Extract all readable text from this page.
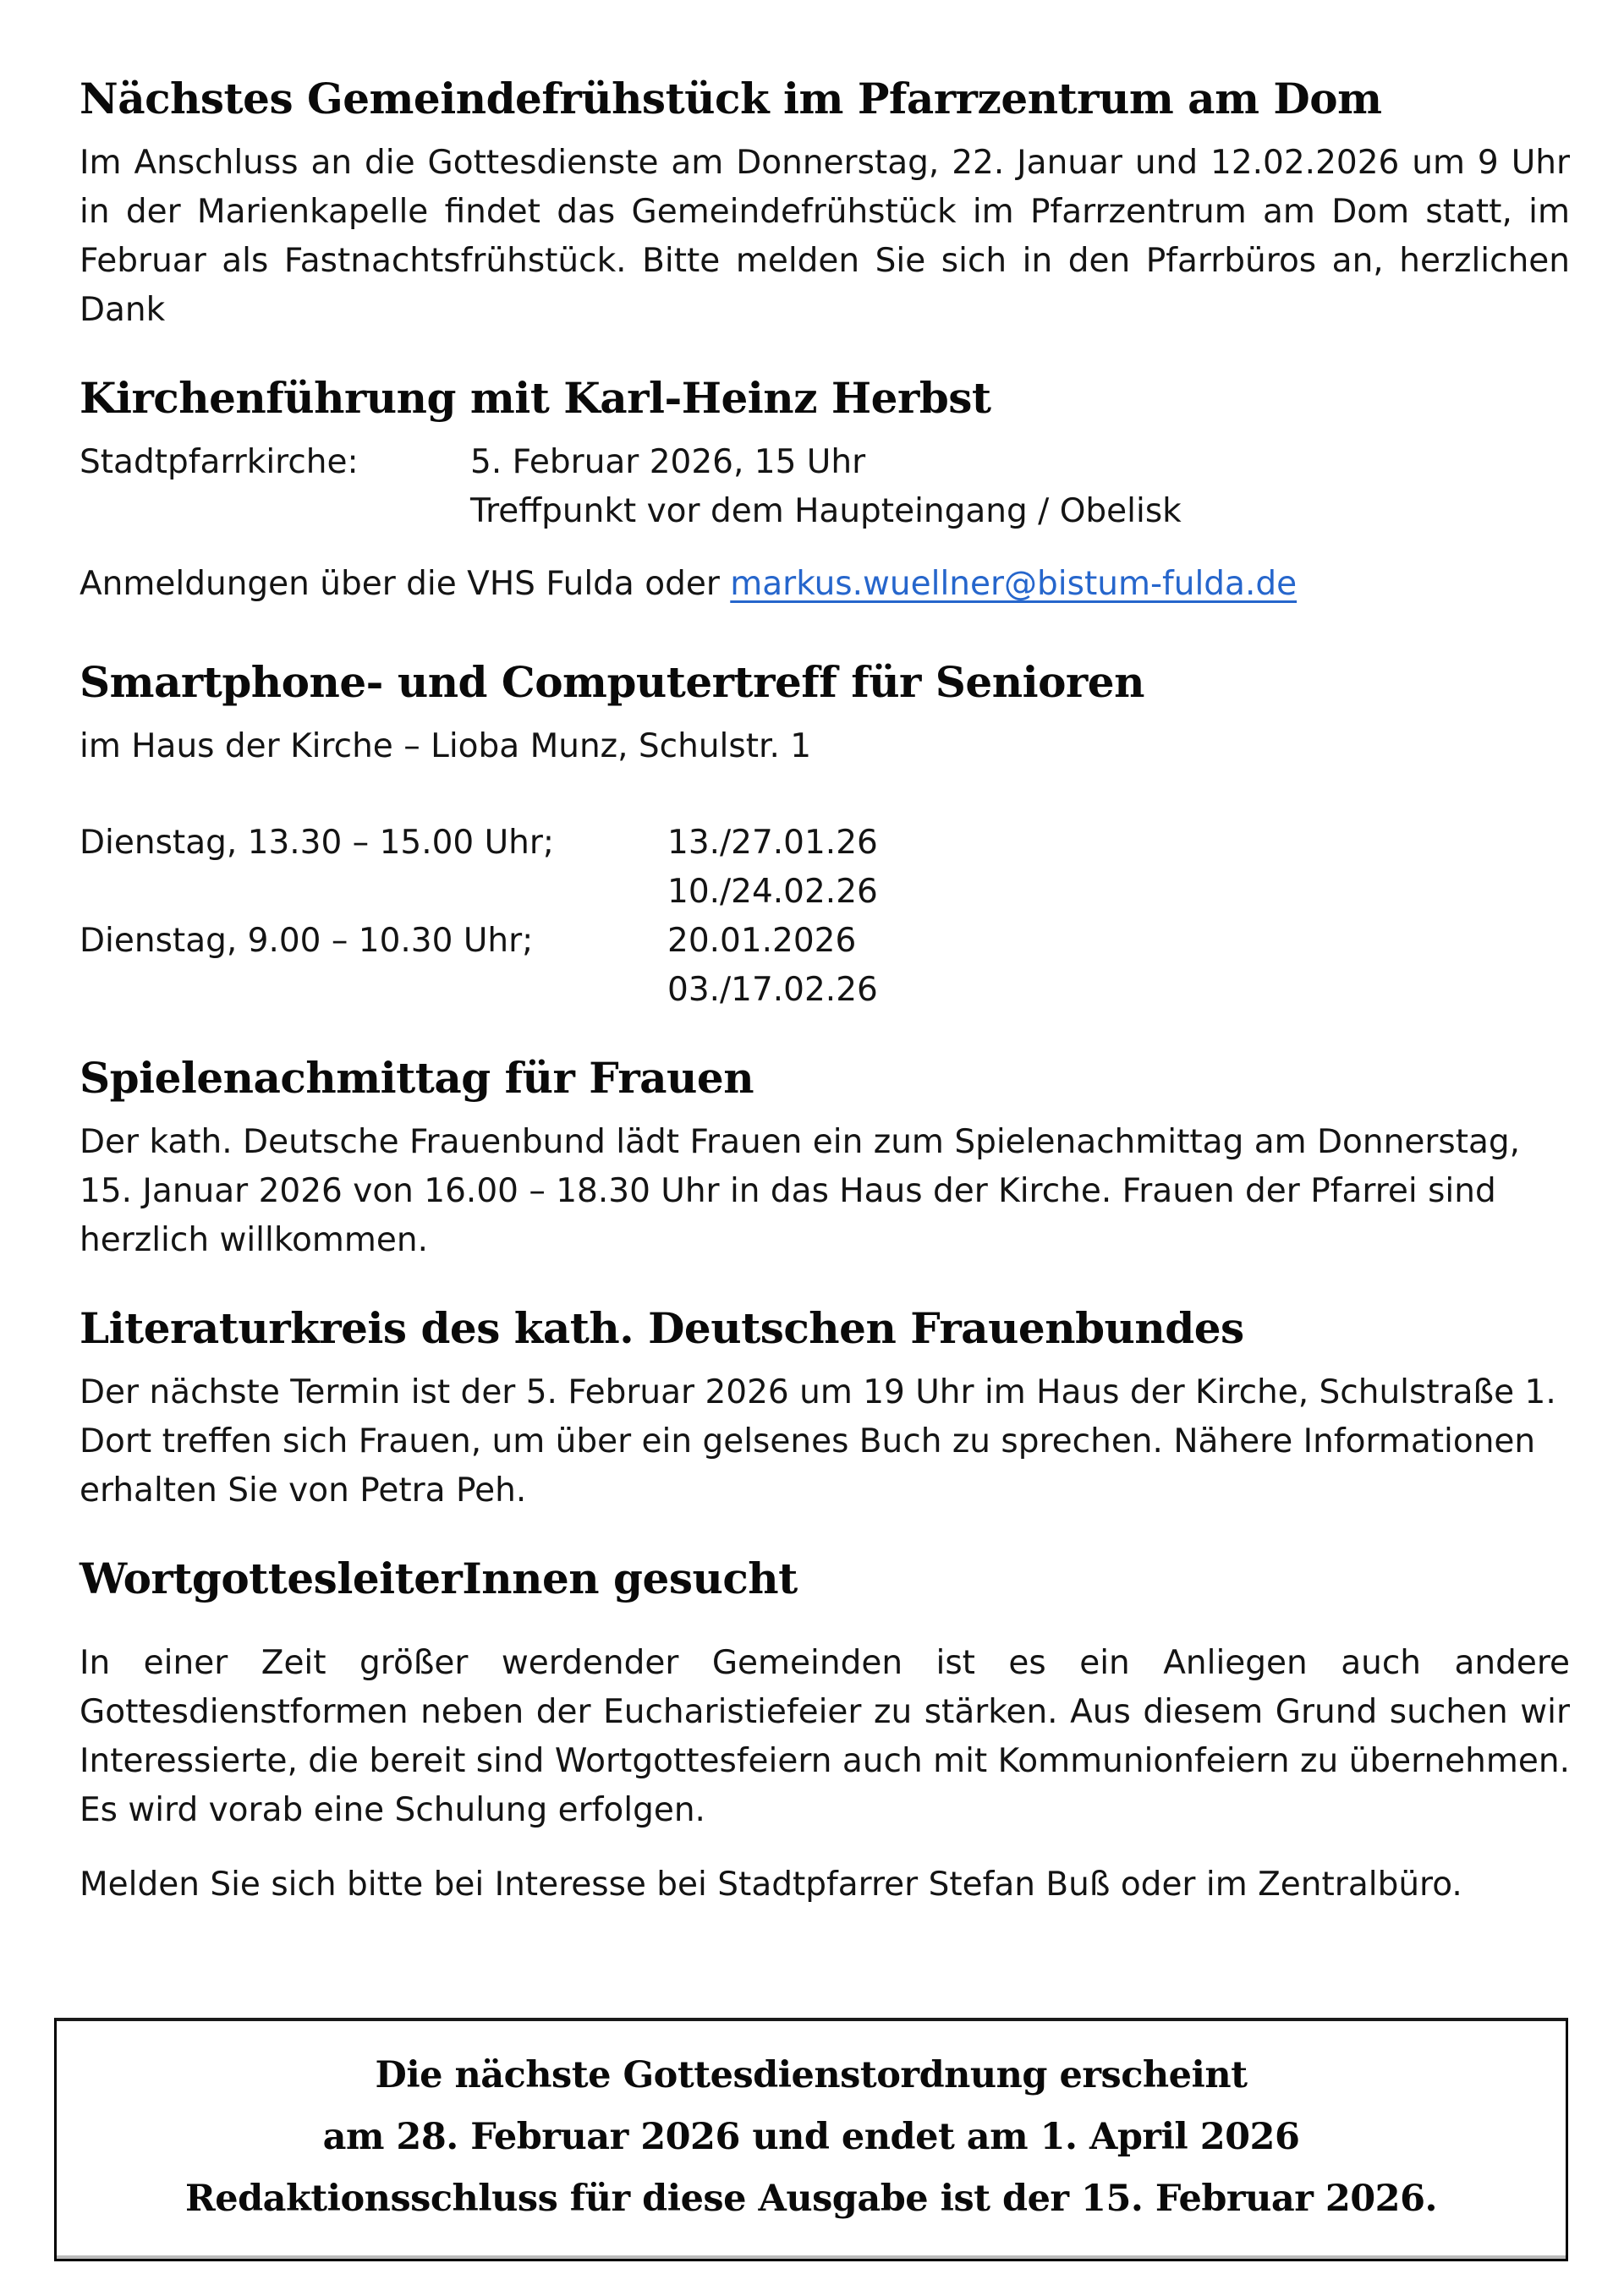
Nächstes Gemeindefrühstück im Pfarrzentrum am Dom

Im Anschluss an die Gottesdienste am Donnerstag, 22. Januar und 12.02.2026 um 9 Uhr in der Marienkapelle findet das Gemeindefrühstück im Pfarrzentrum am Dom statt, im Februar als Fastnachtsfrühstück. Bitte melden Sie sich in den Pfarrbüros an, herzlichen Dank

Kirchenführung mit Karl-Heinz Herbst
Stadtpfarrkirche:	5. Februar 2026, 15 Uhr
Treffpunkt vor dem Haupteingang / Obelisk
Anmeldungen über die VHS Fulda oder markus.wuellner@bistum-fulda.de
Smartphone- und Computertreff für Senioren
im Haus der Kirche – Lioba Munz, Schulstr. 1
Dienstag, 13.30 – 15.00 Uhr;	13./27.01.26
10./24.02.26
Dienstag, 9.00 – 10.30 Uhr;	20.01.2026
03./17.02.26
Spielenachmittag für Frauen

Der kath. Deutsche Frauenbund lädt Frauen ein zum Spielenachmittag am Donnerstag, 15. Januar 2026 von 16.00 – 18.30 Uhr in das Haus der Kirche. Frauen der Pfarrei sind herzlich willkommen.

Literaturkreis des kath. Deutschen Frauenbundes

Der nächste Termin ist der 5. Februar 2026 um 19 Uhr im Haus der Kirche, Schulstraße 1. Dort treffen sich Frauen, um über ein gelsenes Buch zu sprechen. Nähere Informationen erhalten Sie von Petra Peh.

WortgottesleiterInnen gesucht

In einer Zeit größer werdender Gemeinden ist es ein Anliegen auch andere Gottesdienstformen neben der Eucharistiefeier zu stärken. Aus diesem Grund suchen wir Interessierte, die bereit sind Wortgottesfeiern auch mit Kommunionfeiern zu übernehmen. Es wird vorab eine Schulung erfolgen.

Melden Sie sich bitte bei Interesse bei Stadtpfarrer Stefan Buß oder im Zentralbüro.

Die nächste Gottesdienstordnung erscheint
am 28. Februar 2026 und endet am 1. April 2026
Redaktionsschluss für diese Ausgabe ist der 15. Februar 2026.
